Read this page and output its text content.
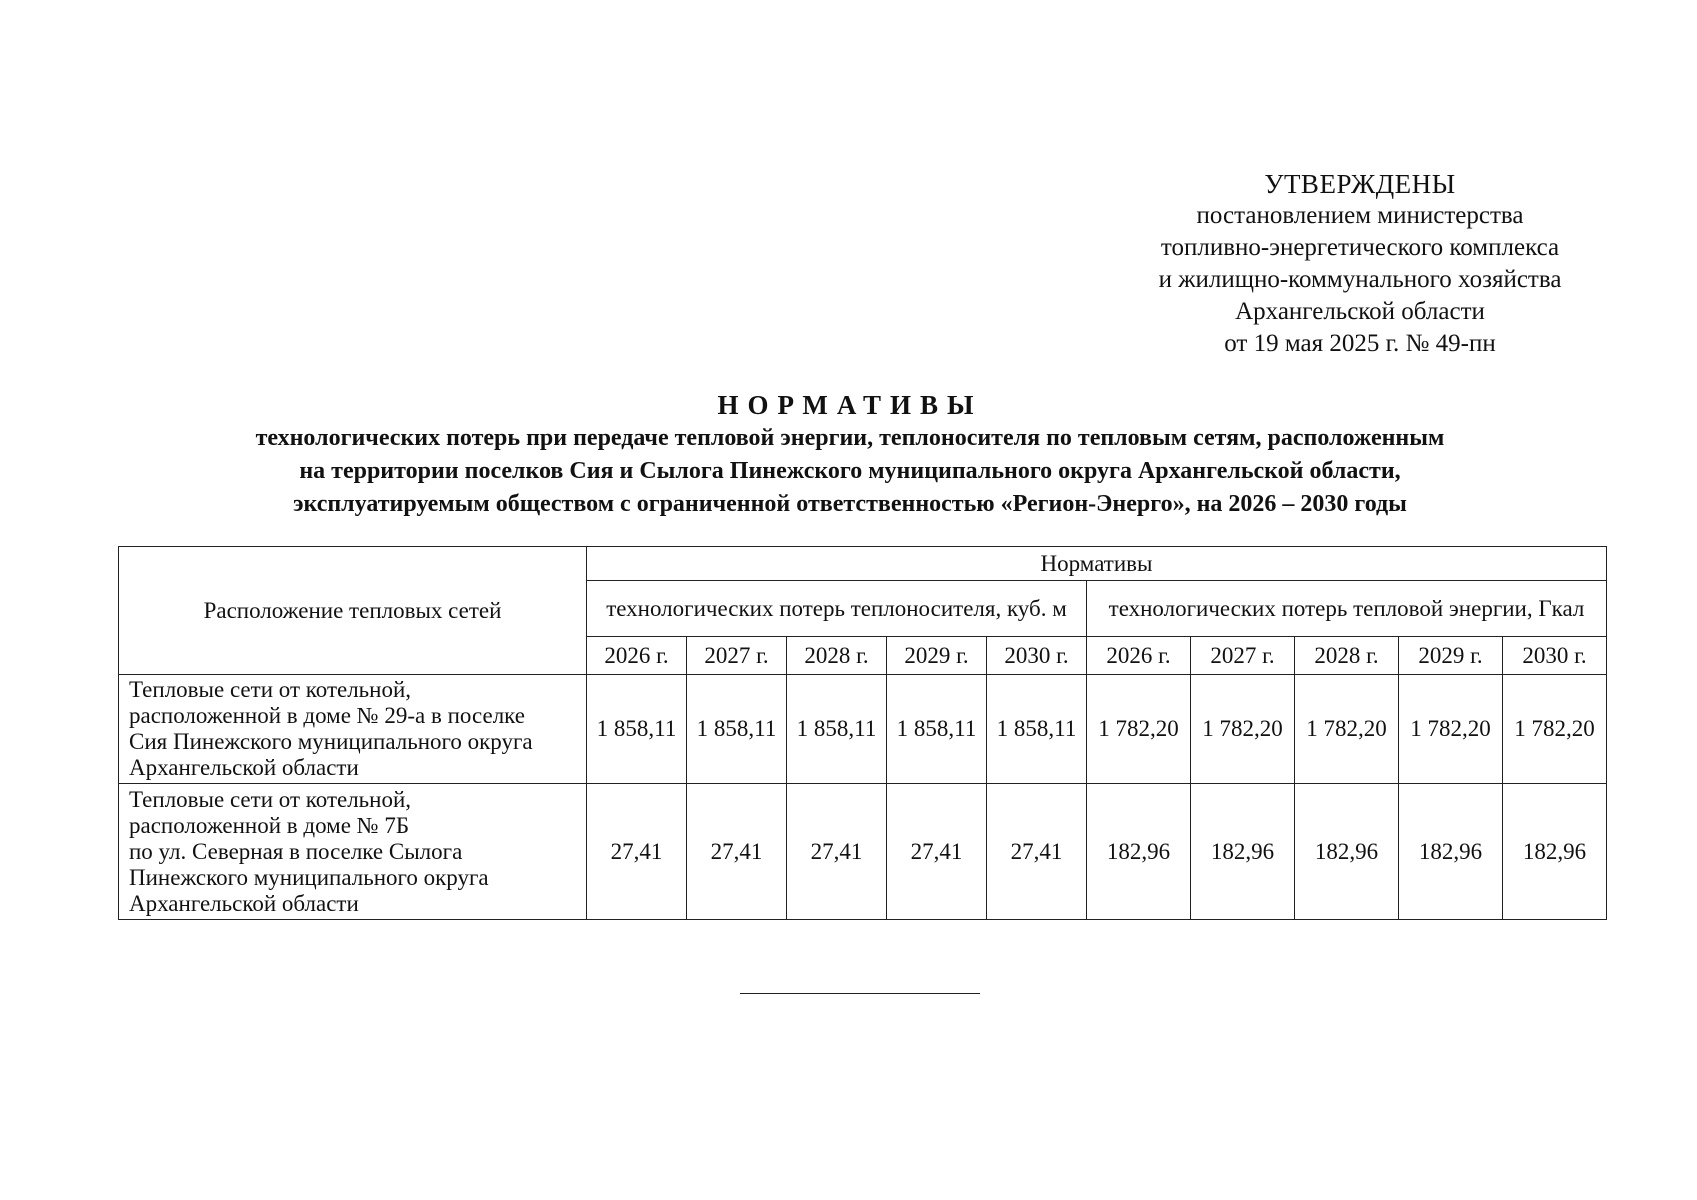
УТВЕРЖДЕНЫ
постановлением министерства
топливно-энергетического комплекса
и жилищно-коммунального хозяйства
Архангельской области
от 19 мая 2025 г. № 49-пн
НОРМАТИВЫ
технологических потерь при передаче тепловой энергии, теплоносителя по тепловым сетям, расположенным
на территории поселков Сия и Сылога Пинежского муниципального округа Архангельской области,
эксплуатируемым обществом с ограниченной ответственностью «Регион-Энерго», на 2026 – 2030 годы
Расположение тепловых сетей	Нормативы									
	технологических потерь теплоносителя, куб. м					технологических потерь тепловой энергии, Гкал				
	2026 г.	2027 г.	2028 г.	2029 г.	2030 г.	2026 г.	2027 г.	2028 г.	2029 г.	2030 г.

Тепловые сети от котельной,
расположенной в доме № 29-а в поселке
Сия Пинежского муниципального округа
Архангельской области	1 858,11	1 858,11	1 858,11	1 858,11	1 858,11	1 782,20	1 782,20	1 782,20	1 782,20	1 782,20

Тепловые сети от котельной,
расположенной в доме № 7Б
по ул. Северная в поселке Сылога
Пинежского муниципального округа
Архангельской области	27,41	27,41	27,41	27,41	27,41	182,96	182,96	182,96	182,96	182,96
